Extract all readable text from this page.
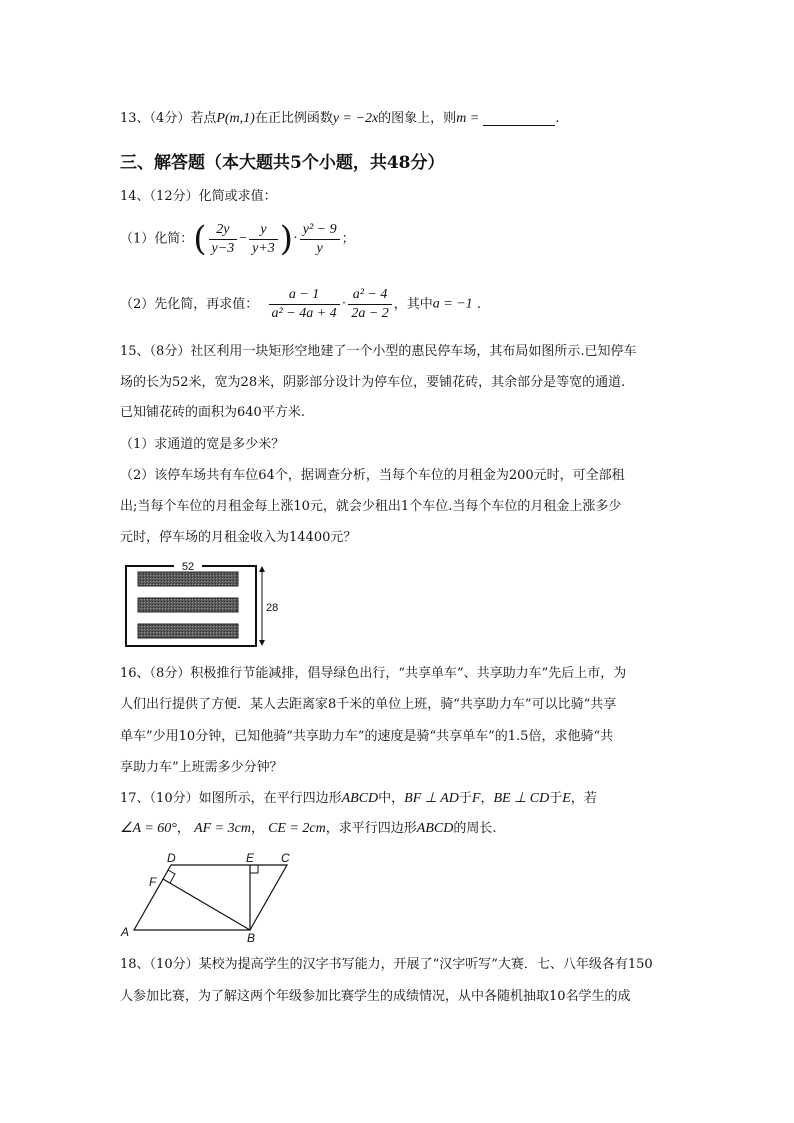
13、（4分）若点P(m,1)在正比例函数y = −2x的图象上，则m =	.
三、解答题（本大题共5个小题，共48分）
14、（12分）化简或求值：
（1）化简：( $\frac{2y}{y-3} - \frac{y}{y+3}$ )· $\frac{\text{y² − 9}}{y}$ ；
（2）先化简，再求值： $\frac{a - 1}{\text{a² − 4a + 4}} \cdot \frac{\text{a² − 4}}{2a - 2}$ ，其中a = −1 .
15、（8分）社区利用一块矩形空地建了一个小型的惠民停车场，其布局如图所示.已知停车
场的长为52米，宽为28米，阴影部分设计为停车位，要铺花砖，其余部分是等宽的通道.
已知铺花砖的面积为640平方米.
（1）求通道的宽是多少米？
（2）该停车场共有车位64个，据调查分析，当每个车位的月租金为200元时，可全部租
出;当每个车位的月租金每上涨10元，就会少租出1个车位.当每个车位的月租金上涨多少
元时，停车场的月租金收入为14400元？
52
28
16、（8分）积极推行节能减排，倡导绿色出行，“共享单车”、共享助力车”先后上市，为
人们出行提供了方便．某人去距离家8千米的单位上班，骑“共享助力车”可以比骑“共享
单车”少用10分钟，已知他骑“共享助力车”的速度是骑“共享单车”的1.5倍，求他骑“共
享助力车”上班需多少分钟？
17、（10分）如图所示，在平行四边形ABCD中，BF ⊥ AD于F，BE ⊥ CD于E，若
∠A = 60°， AF = 3cm， CE = 2cm，求平行四边形ABCD的周长.
A	B
C
D	E
F
18、（10分）某校为提高学生的汉字书写能力，开展了“汉字听写”大赛．七、八年级各有150
人参加比赛，为了解这两个年级参加比赛学生的成绩情况，从中各随机抽取10名学生的成
